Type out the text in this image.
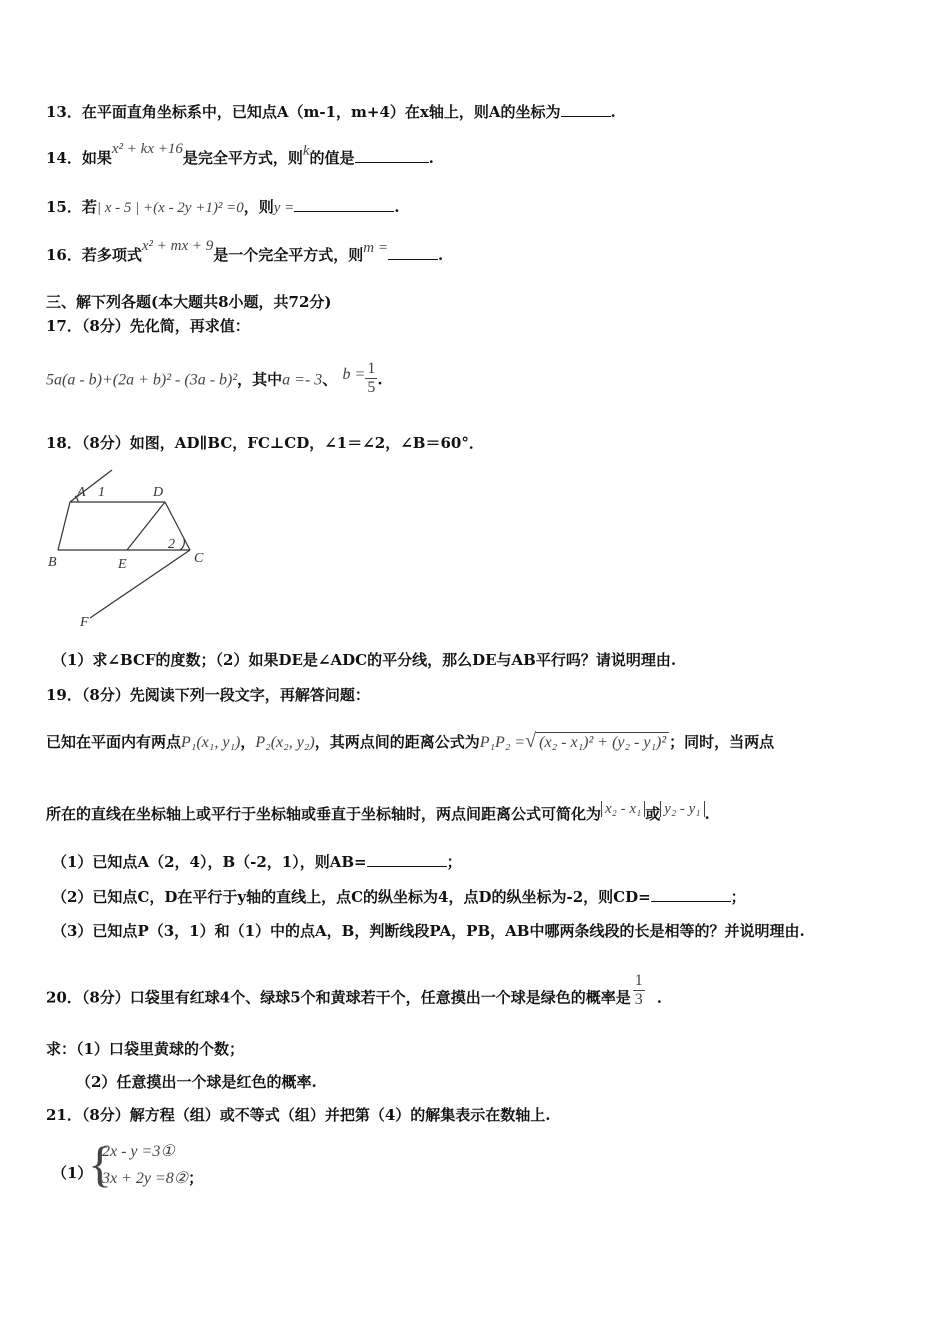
13．在平面直角坐标系中，已知点A（m-1，m+4）在x轴上，则A的坐标为	.
14．如果x² + kx +16是完全平方式，则k的值是	.
15．若| x - 5 | +(x - 2y +1)² =0，则y =	.
16．若多项式x² + mx + 9是一个完全平方式，则m =	.
三、解下列各题(本大题共8小题，共72分)
17．（8分）先化简，再求值：
5a(a - b)+(2a + b)² - (3a - b)²，其中a =- 3、 $b = \frac{1}{5}$ .
18．（8分）如图，AD∥BC，FC⊥CD，∠1＝∠2，∠B＝60°．
A 1	D
2
B	E	C
F
（1）求∠BCF的度数；（2）如果DE是∠ADC的平分线，那么DE与AB平行吗？请说明理由.
19．（8分）先阅读下列一段文字，再解答问题：
已知在平面内有两点P₁(x₁, y₁)，P₂(x₂, y₂)，其两点间的距离公式为P₁P₂ =√ (x₂ - x₁)² + (y₂ - y₁)² ；同时，当两点
所在的直线在坐标轴上或平行于坐标轴或垂直于坐标轴时，两点间距离公式可简化为 x₂ - x₁ 或 y₂ - y₁ .
（1）已知点A（2，4），B（-2，1），则AB=	；
（2）已知点C，D在平行于y轴的直线上，点C的纵坐标为4，点D的纵坐标为-2，则CD=	；
（3）已知点P（3，1）和（1）中的点A，B，判断线段PA，PB，AB中哪两条线段的长是相等的？并说明理由.
20．（8分）口袋里有红球4个、绿球5个和黄球若干个，任意摸出一个球是绿色的概率是 $\frac{1}{3}$ .
求：（1）口袋里黄球的个数；
（2）任意摸出一个球是红色的概率.
21．（8分）解方程（组）或不等式（组）并把第（4）的解集表示在数轴上.
（1）
{
2x - y =3①
3x + 2y =8②；
